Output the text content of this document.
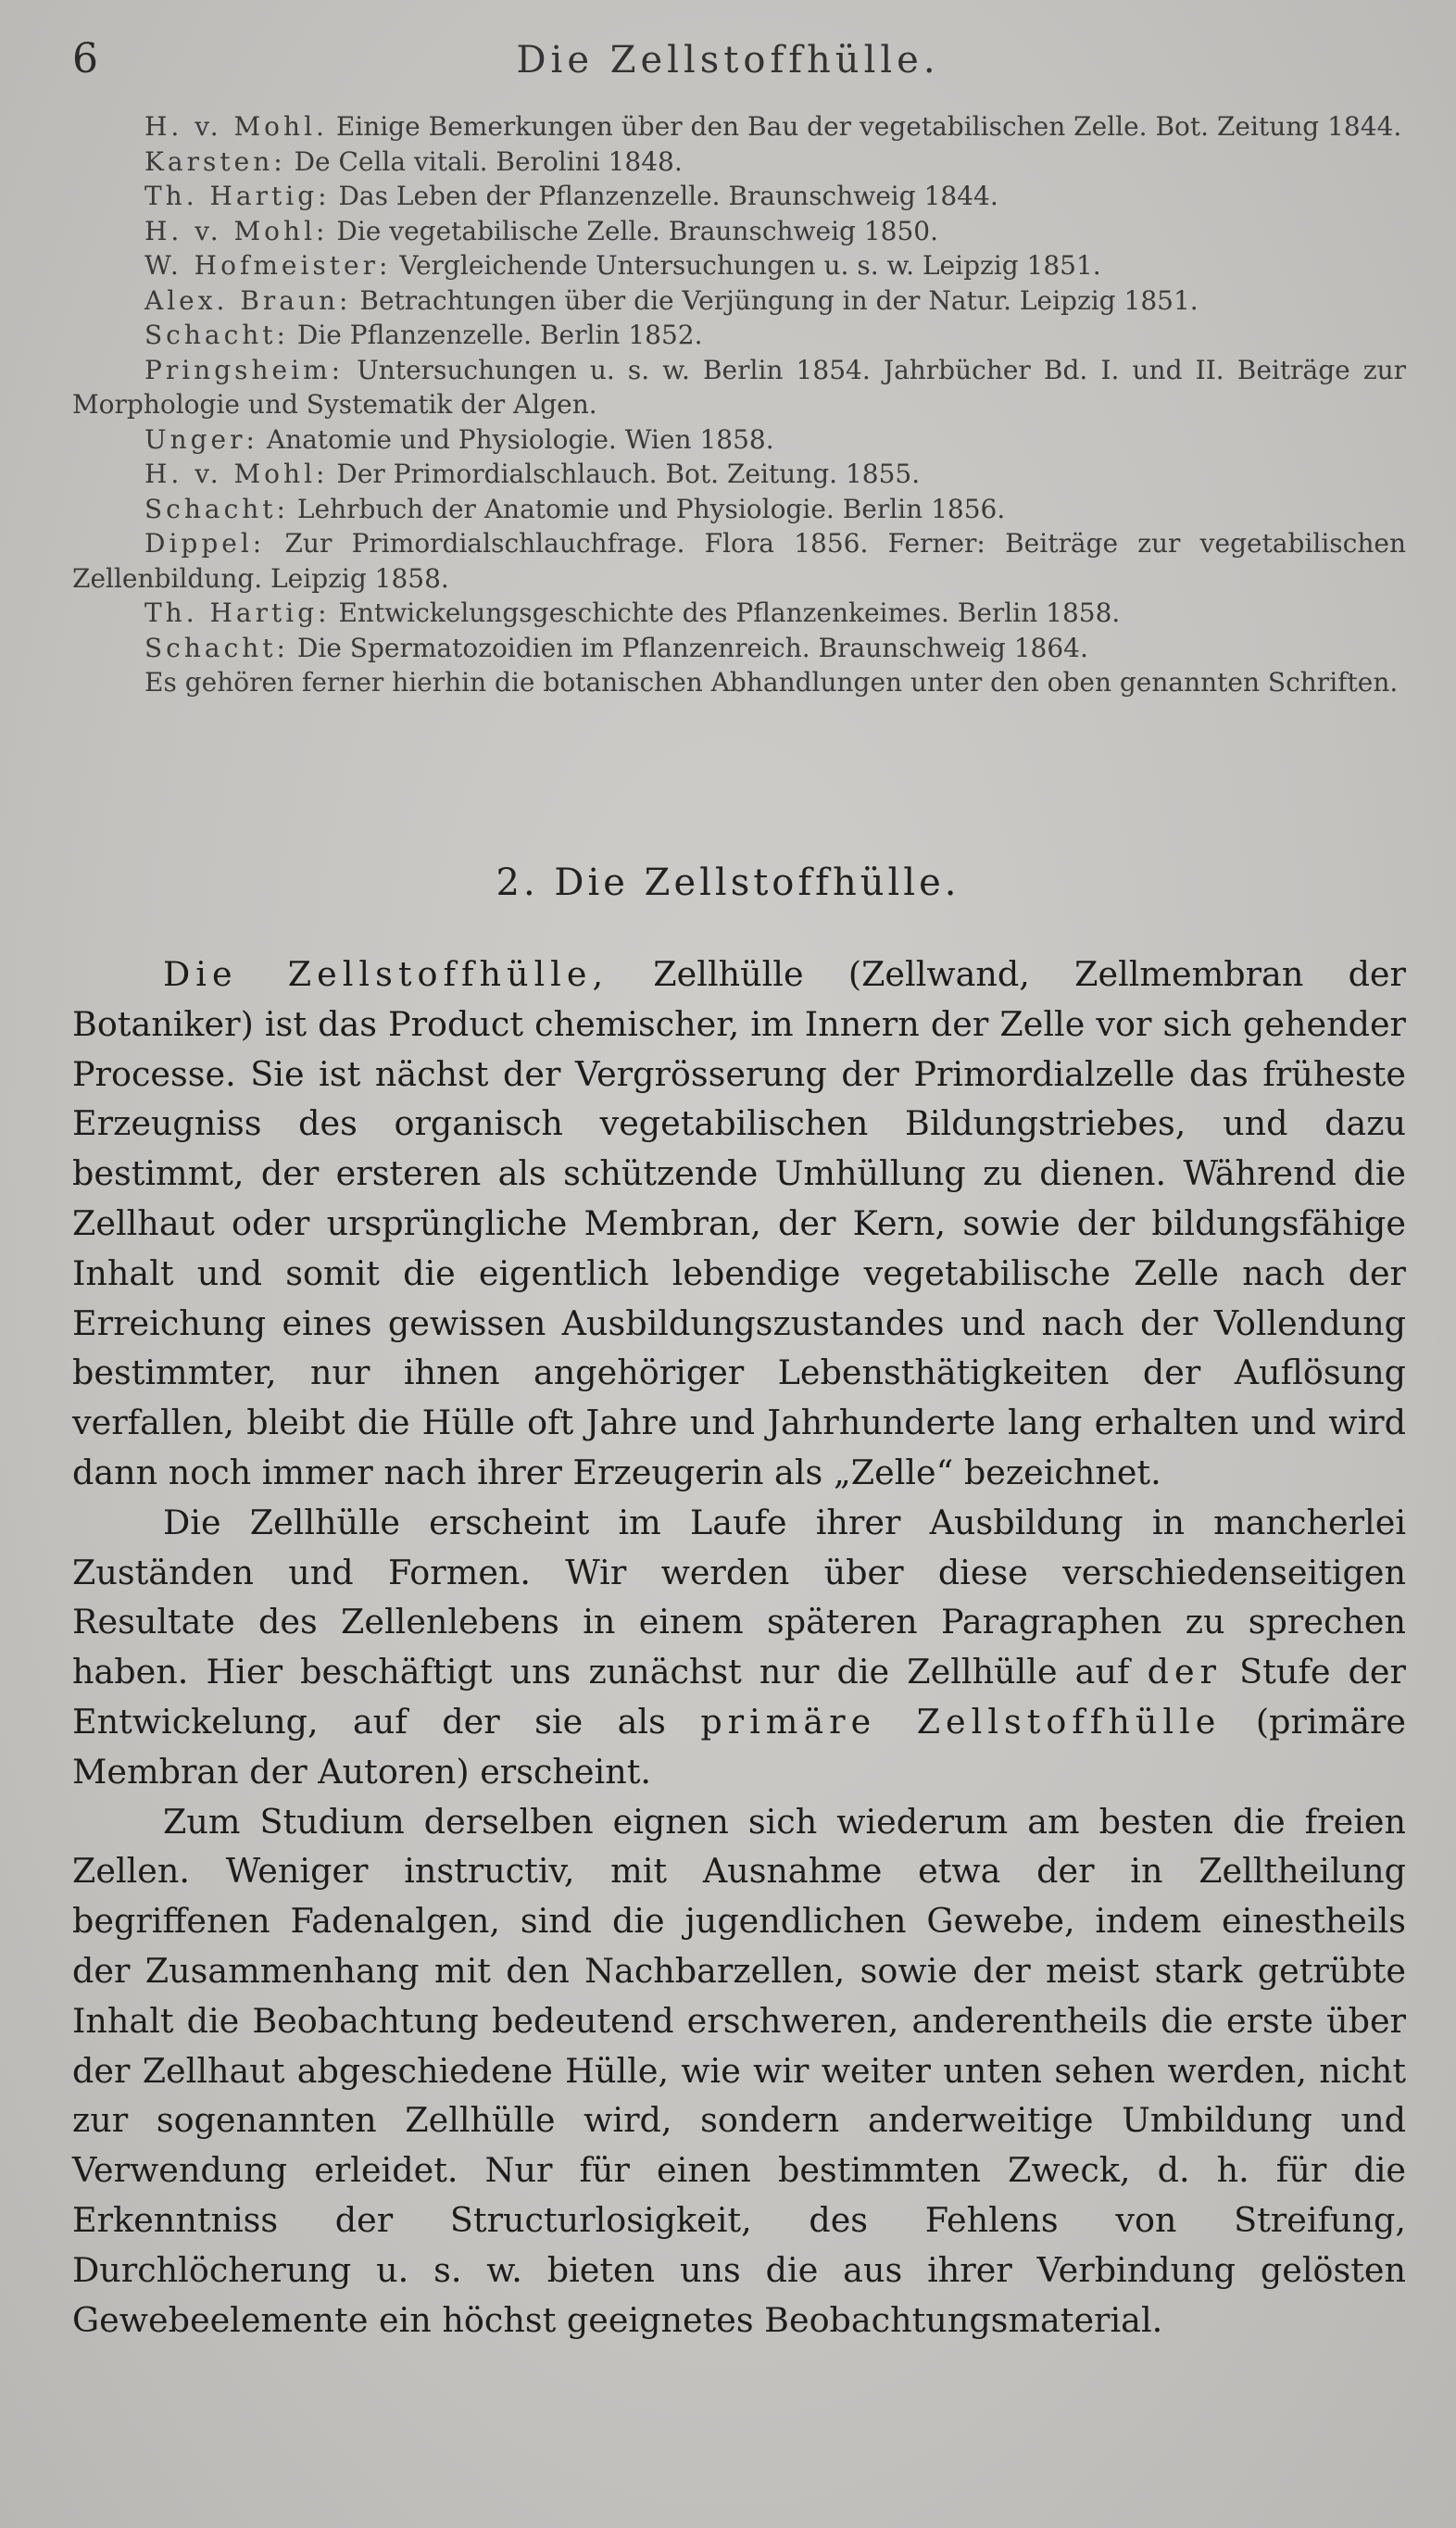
6	Die Zellstoffhülle.

H. v. Mohl. Einige Bemerkungen über den Bau der vegetabilischen Zelle. Bot. Zeitung 1844.

Karsten: De Cella vitali. Berolini 1848.

Th. Hartig: Das Leben der Pflanzenzelle. Braunschweig 1844.

H. v. Mohl: Die vegetabilische Zelle. Braunschweig 1850.

W. Hofmeister: Vergleichende Untersuchungen u. s. w. Leipzig 1851.

Alex. Braun: Betrachtungen über die Verjüngung in der Natur. Leipzig 1851.

Schacht: Die Pflanzenzelle. Berlin 1852.

Pringsheim: Untersuchungen u. s. w. Berlin 1854. Jahrbücher Bd. I. und II. Beiträge zur Morphologie und Systematik der Algen.

Unger: Anatomie und Physiologie. Wien 1858.

H. v. Mohl: Der Primordialschlauch. Bot. Zeitung. 1855.

Schacht: Lehrbuch der Anatomie und Physiologie. Berlin 1856.

Dippel: Zur Primordialschlauchfrage. Flora 1856. Ferner: Beiträge zur vegetabilischen Zellenbildung. Leipzig 1858.

Th. Hartig: Entwickelungsgeschichte des Pflanzenkeimes. Berlin 1858.

Schacht: Die Spermatozoidien im Pflanzenreich. Braunschweig 1864.

Es gehören ferner hierhin die botanischen Abhandlungen unter den oben genannten Schriften.

2. Die Zellstoffhülle.

Die Zellstoffhülle, Zellhülle (Zellwand, Zellmembran der Botaniker) ist das Product chemischer, im Innern der Zelle vor sich gehender Processe. Sie ist nächst der Vergrösserung der Primordialzelle das früheste Erzeugniss des organisch vegetabilischen Bildungstriebes, und dazu bestimmt, der ersteren als schützende Umhüllung zu dienen. Während die Zellhaut oder ursprüngliche Membran, der Kern, sowie der bildungsfähige Inhalt und somit die eigentlich lebendige vegetabilische Zelle nach der Erreichung eines gewissen Ausbildungszustandes und nach der Vollendung bestimmter, nur ihnen angehöriger Lebensthätigkeiten der Auflösung verfallen, bleibt die Hülle oft Jahre und Jahrhunderte lang erhalten und wird dann noch immer nach ihrer Erzeugerin als „Zelle“ bezeichnet.

Die Zellhülle erscheint im Laufe ihrer Ausbildung in mancherlei Zuständen und Formen. Wir werden über diese verschiedenseitigen Resultate des Zellenlebens in einem späteren Paragraphen zu sprechen haben. Hier beschäftigt uns zunächst nur die Zellhülle auf der Stufe der Entwickelung, auf der sie als primäre Zellstoffhülle (primäre Membran der Autoren) erscheint.

Zum Studium derselben eignen sich wiederum am besten die freien Zellen. Weniger instructiv, mit Ausnahme etwa der in Zelltheilung begriffenen Fadenalgen, sind die jugendlichen Gewebe, indem einestheils der Zusammenhang mit den Nachbarzellen, sowie der meist stark getrübte Inhalt die Beobachtung bedeutend erschweren, anderentheils die erste über der Zellhaut abgeschiedene Hülle, wie wir weiter unten sehen werden, nicht zur sogenannten Zellhülle wird, sondern anderweitige Umbildung und Verwendung erleidet. Nur für einen bestimmten Zweck, d. h. für die Erkenntniss der Structurlosigkeit, des Fehlens von Streifung, Durchlöcherung u. s. w. bieten uns die aus ihrer Verbindung gelösten Gewebeelemente ein höchst geeignetes Beobachtungsmaterial.
